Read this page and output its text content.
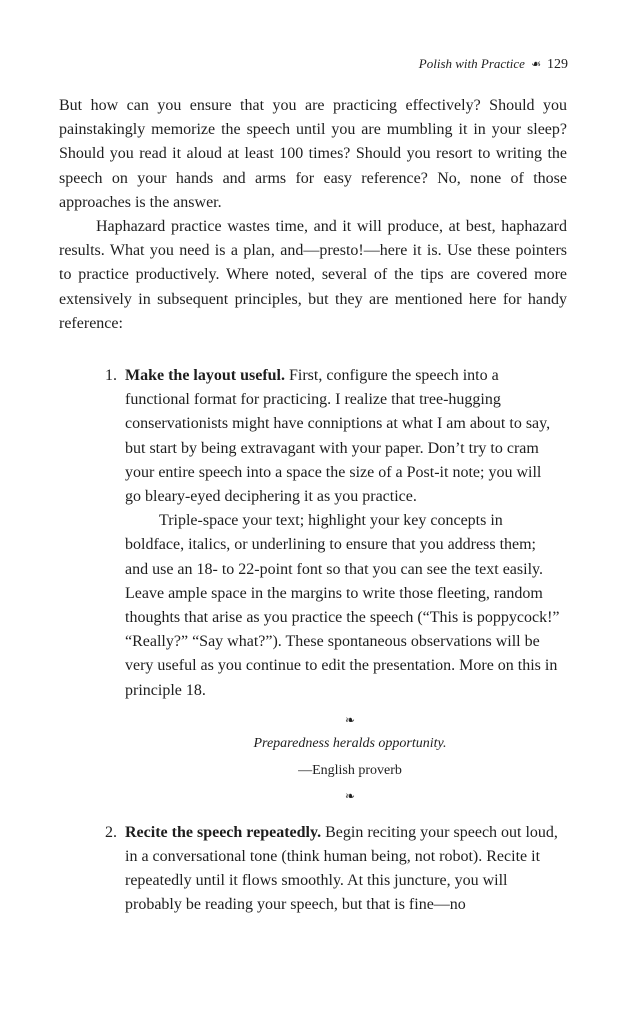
Polish with Practice ❧ 129

But how can you ensure that you are practicing effectively? Should you painstakingly memorize the speech until you are mumbling it in your sleep? Should you read it aloud at least 100 times? Should you resort to writing the speech on your hands and arms for easy reference? No, none of those approaches is the answer.

Haphazard practice wastes time, and it will produce, at best, haphazard results. What you need is a plan, and—presto!—here it is. Use these pointers to practice productively. Where noted, several of the tips are covered more extensively in subsequent principles, but they are mentioned here for handy reference:

1. Make the layout useful. First, configure the speech into a functional format for practicing. I realize that tree-hugging conservationists might have conniptions at what I am about to say, but start by being extravagant with your paper. Don’t try to cram your entire speech into a space the size of a Post-it note; you will go bleary-eyed deciphering it as you practice.

Triple-space your text; highlight your key concepts in boldface, italics, or underlining to ensure that you address them; and use an 18- to 22-point font so that you can see the text easily. Leave ample space in the margins to write those fleeting, random thoughts that arise as you practice the speech (“This is poppycock!” “Really?” “Say what?”). These spontaneous observations will be very useful as you continue to edit the presentation. More on this in principle 18.

❧
Preparedness heralds opportunity.
—English proverb
❧
2. Recite the speech repeatedly. Begin reciting your speech out loud, in a conversational tone (think human being, not robot). Recite it repeatedly until it flows smoothly. At this juncture, you will probably be reading your speech, but that is fine—no
